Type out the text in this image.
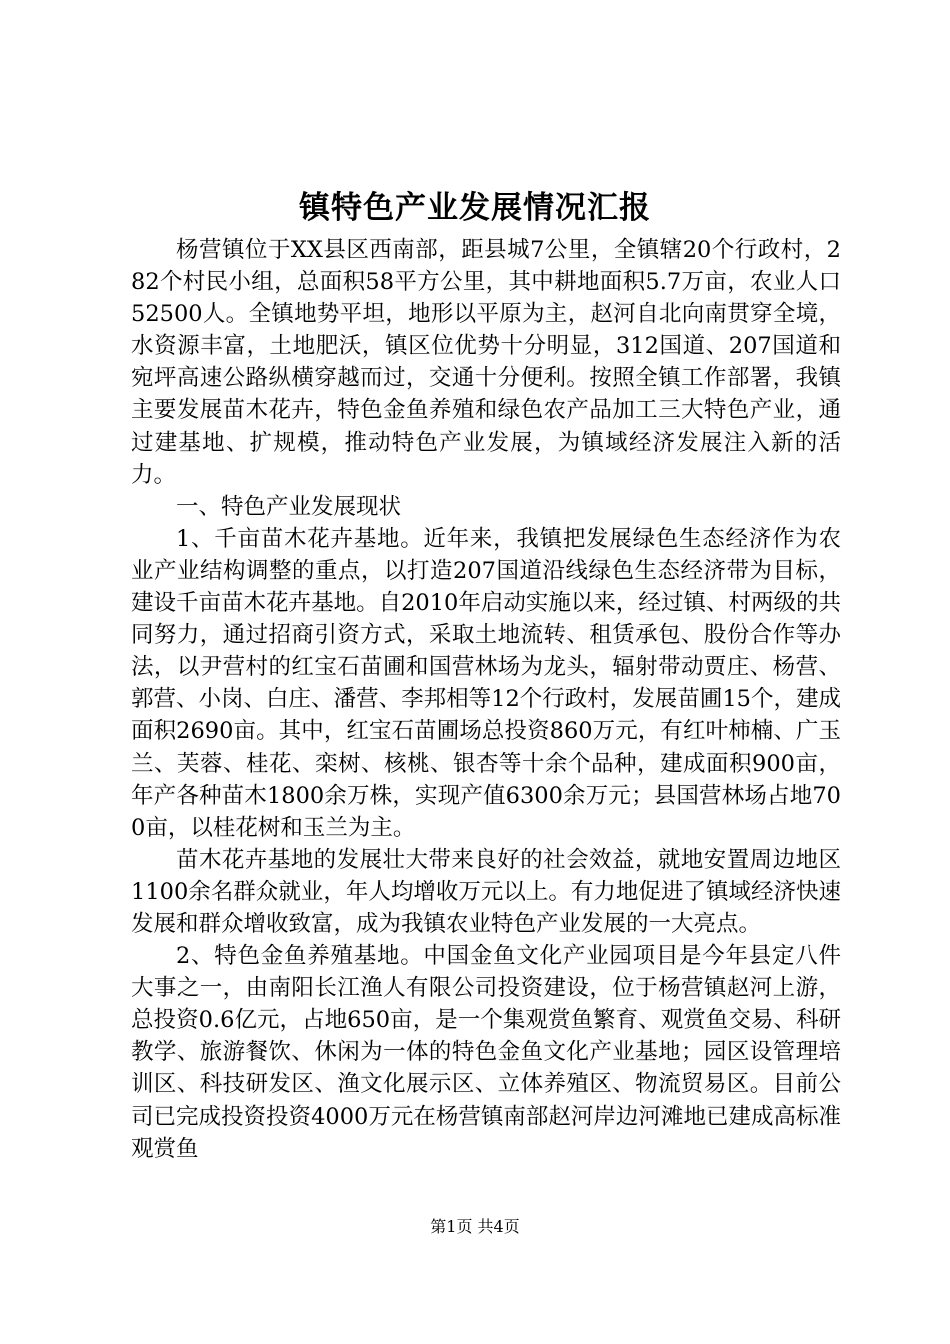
镇特色产业发展情况汇报

杨营镇位于XX县区西南部，距县城7公里，全镇辖20个行政村，282个村民小组，总面积58平方公里，其中耕地面积5.7万亩，农业人口52500人。全镇地势平坦，地形以平原为主，赵河自北向南贯穿全境，水资源丰富，土地肥沃，镇区位优势十分明显，312国道、207国道和宛坪高速公路纵横穿越而过，交通十分便利。按照全镇工作部署，我镇主要发展苗木花卉，特色金鱼养殖和绿色农产品加工三大特色产业，通过建基地、扩规模，推动特色产业发展，为镇域经济发展注入新的活力。

一、特色产业发展现状

1、千亩苗木花卉基地。近年来，我镇把发展绿色生态经济作为农业产业结构调整的重点，以打造207国道沿线绿色生态经济带为目标，建设千亩苗木花卉基地。自2010年启动实施以来，经过镇、村两级的共同努力，通过招商引资方式，采取土地流转、租赁承包、股份合作等办法，以尹营村的红宝石苗圃和国营林场为龙头，辐射带动贾庄、杨营、郭营、小岗、白庄、潘营、李邦相等12个行政村，发展苗圃15个，建成面积2690亩。其中，红宝石苗圃场总投资860万元，有红叶柿楠、广玉兰、芙蓉、桂花、栾树、核桃、银杏等十余个品种，建成面积900亩，年产各种苗木1800余万株，实现产值6300余万元；县国营林场占地700亩，以桂花树和玉兰为主。

苗木花卉基地的发展壮大带来良好的社会效益，就地安置周边地区1100余名群众就业，年人均增收万元以上。有力地促进了镇域经济快速发展和群众增收致富，成为我镇农业特色产业发展的一大亮点。

2、特色金鱼养殖基地。中国金鱼文化产业园项目是今年县定八件大事之一，由南阳长江渔人有限公司投资建设，位于杨营镇赵河上游，总投资0.6亿元，占地650亩，是一个集观赏鱼繁育、观赏鱼交易、科研教学、旅游餐饮、休闲为一体的特色金鱼文化产业基地；园区设管理培训区、科技研发区、渔文化展示区、立体养殖区、物流贸易区。目前公司已完成投资投资4000万元在杨营镇南部赵河岸边河滩地已建成高标准观赏鱼

第1页 共4页
